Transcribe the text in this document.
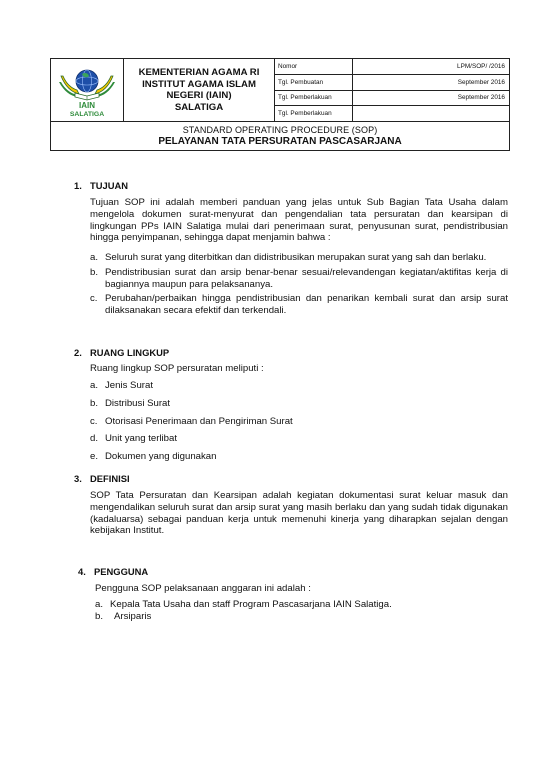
IAIN
SALATIGA	KEMENTERIAN AGAMA RI
INSTITUT AGAMA ISLAM NEGERI (IAIN)
SALATIGA	Nomor	LPM/SOP/ /2016
		Tgl. Pembuatan	September 2016
		Tgl. Pemberlakuan	September 2016
		Tgl. Pemberlakuan	

STANDARD OPERATING PROCEDURE (SOP)
PELAYANAN TATA PERSURATAN PASCASARJANA			
1. TUJUAN
Tujuan SOP ini adalah memberi panduan yang jelas untuk Sub Bagian Tata Usaha dalam mengelola dokumen surat-menyurat dan pengendalian tata persuratan dan kearsipan di lingkungan PPs IAIN Salatiga mulai dari penerimaan surat, penyusunan surat, pendistribusian hingga penyimpanan, sehingga dapat menjamin bahwa :
a. Seluruh surat yang diterbitkan dan didistribusikan merupakan surat yang sah dan berlaku.
b. Pendistribusian surat dan arsip benar-benar sesuai/relevandengan kegiatan/aktifitas kerja di bagiannya maupun para pelaksananya.
c. Perubahan/perbaikan hingga pendistribusian dan penarikan kembali surat dan arsip surat dilaksanakan secara efektif dan terkendali.
2. RUANG LINGKUP
Ruang lingkup SOP persuratan meliputi :
a. Jenis Surat
b. Distribusi Surat
c. Otorisasi Penerimaan dan Pengiriman Surat
d. Unit yang terlibat
e. Dokumen yang digunakan
3. DEFINISI
SOP Tata Persuratan dan Kearsipan adalah kegiatan dokumentasi surat keluar masuk dan mengendalikan seluruh surat dan arsip surat yang masih berlaku dan yang sudah tidak digunakan (kadaluarsa) sebagai panduan kerja untuk memenuhi kinerja yang diharapkan sejalan dengan kebijakan Institut.
4. PENGGUNA
Pengguna SOP pelaksanaan anggaran ini adalah :
a. Kepala Tata Usaha dan staff Program Pascasarjana IAIN Salatiga.
b.	Arsiparis
